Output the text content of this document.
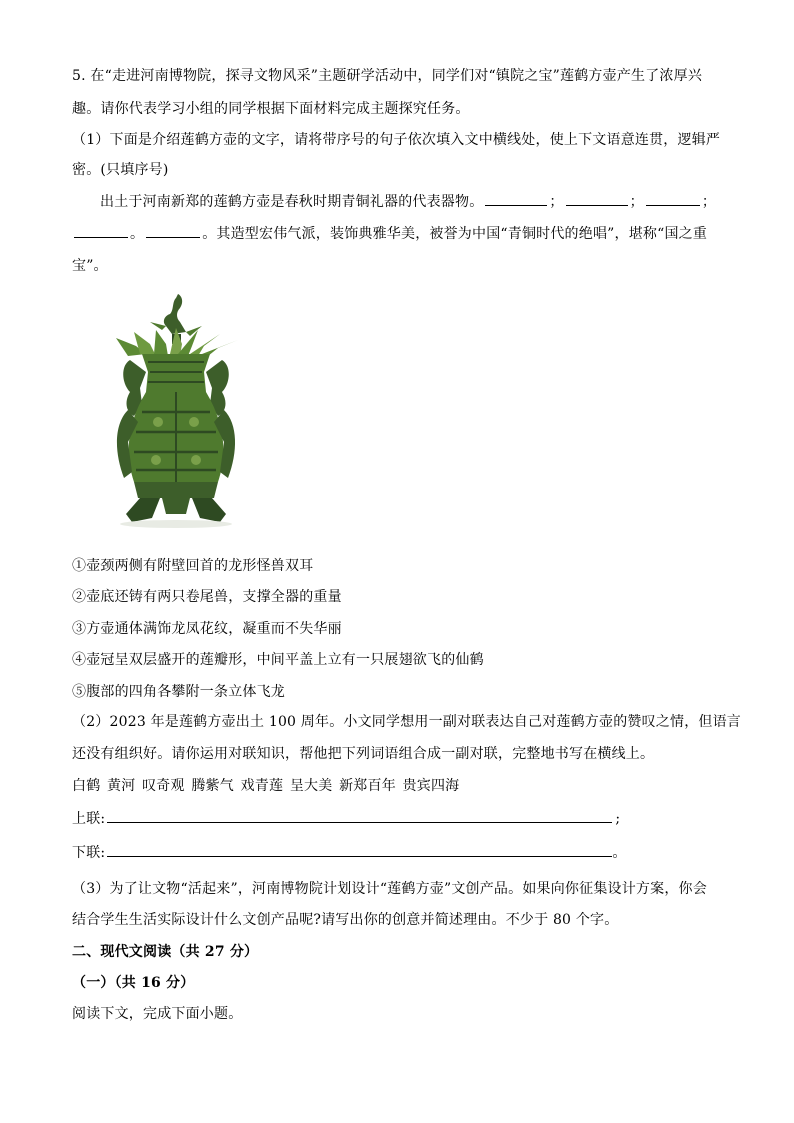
5. 在“走进河南博物院，探寻文物风采”主题研学活动中，同学们对“镇院之宝”莲鹤方壶产生了浓厚兴
趣。请你代表学习小组的同学根据下面材料完成主题探究任务。
（1）下面是介绍莲鹤方壶的文字，请将带序号的句子依次填入文中横线处，使上下文语意连贯，逻辑严
密。(只填序号)
出土于河南新郑的莲鹤方壶是春秋时期青铜礼器的代表器物。	；	；	；
。	。其造型宏伟气派，装饰典雅华美，被誉为中国“青铜时代的绝唱”，堪称“国之重
宝”。
①壶颈两侧有附壁回首的龙形怪兽双耳
②壶底还铸有两只卷尾兽，支撑全器的重量
③方壶通体满饰龙凤花纹，凝重而不失华丽
④壶冠呈双层盛开的莲瓣形，中间平盖上立有一只展翅欲飞的仙鹤
⑤腹部的四角各攀附一条立体飞龙
（2）2023 年是莲鹤方壶出土 100 周年。小文同学想用一副对联表达自己对莲鹤方壶的赞叹之情，但语言
还没有组织好。请你运用对联知识，帮他把下列词语组合成一副对联，完整地书写在横线上。
白鹤 黄河 叹奇观 腾紫气 戏青莲 呈大美 新郑百年 贵宾四海
上联:	;
下联:	。
（3）为了让文物“活起来”，河南博物院计划设计“莲鹤方壶”文创产品。如果向你征集设计方案，你会
结合学生生活实际设计什么文创产品呢?请写出你的创意并简述理由。不少于 80 个字。
二、现代文阅读（共 27 分）
（一）（共 16 分）
阅读下文，完成下面小题。
